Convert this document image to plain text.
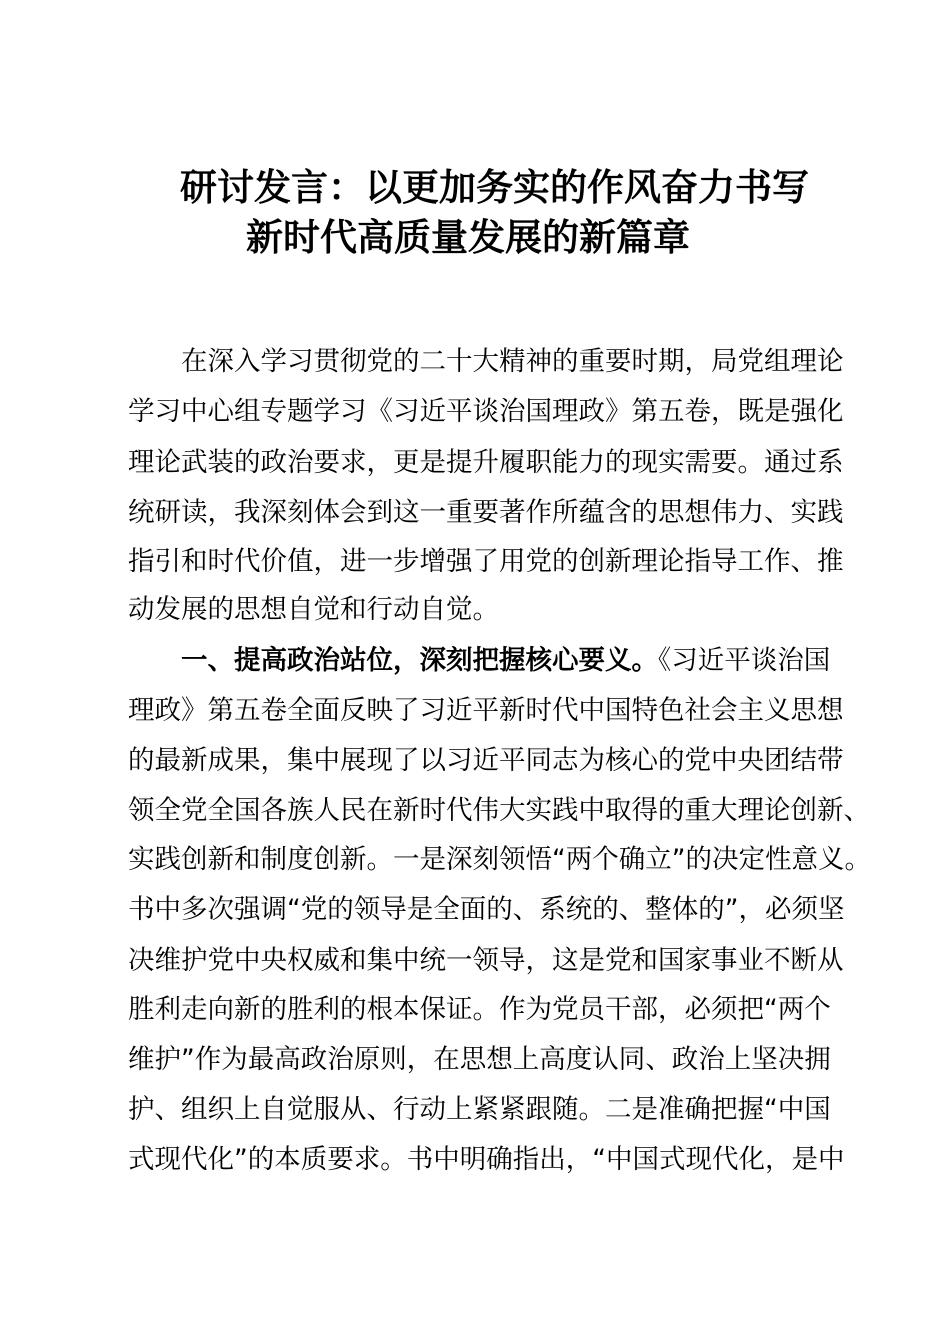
研讨发言：以更加务实的作风奋力书写
新时代高质量发展的新篇章
在深入学习贯彻党的二十大精神的重要时期，局党组理论
学习中心组专题学习《习近平谈治国理政》第五卷，既是强化
理论武装的政治要求，更是提升履职能力的现实需要。通过系
统研读，我深刻体会到这一重要著作所蕴含的思想伟力、实践
指引和时代价值，进一步增强了用党的创新理论指导工作、推
动发展的思想自觉和行动自觉。
一、提高政治站位，深刻把握核心要义。《习近平谈治国
理政》第五卷全面反映了习近平新时代中国特色社会主义思想
的最新成果，集中展现了以习近平同志为核心的党中央团结带
领全党全国各族人民在新时代伟大实践中取得的重大理论创新、
实践创新和制度创新。一是深刻领悟“两个确立”的决定性意义。
书中多次强调“党的领导是全面的、系统的、整体的”，必须坚
决维护党中央权威和集中统一领导，这是党和国家事业不断从
胜利走向新的胜利的根本保证。作为党员干部，必须把“两个
维护”作为最高政治原则，在思想上高度认同、政治上坚决拥
护、组织上自觉服从、行动上紧紧跟随。二是准确把握“中国
式现代化”的本质要求。书中明确指出，“中国式现代化，是中
